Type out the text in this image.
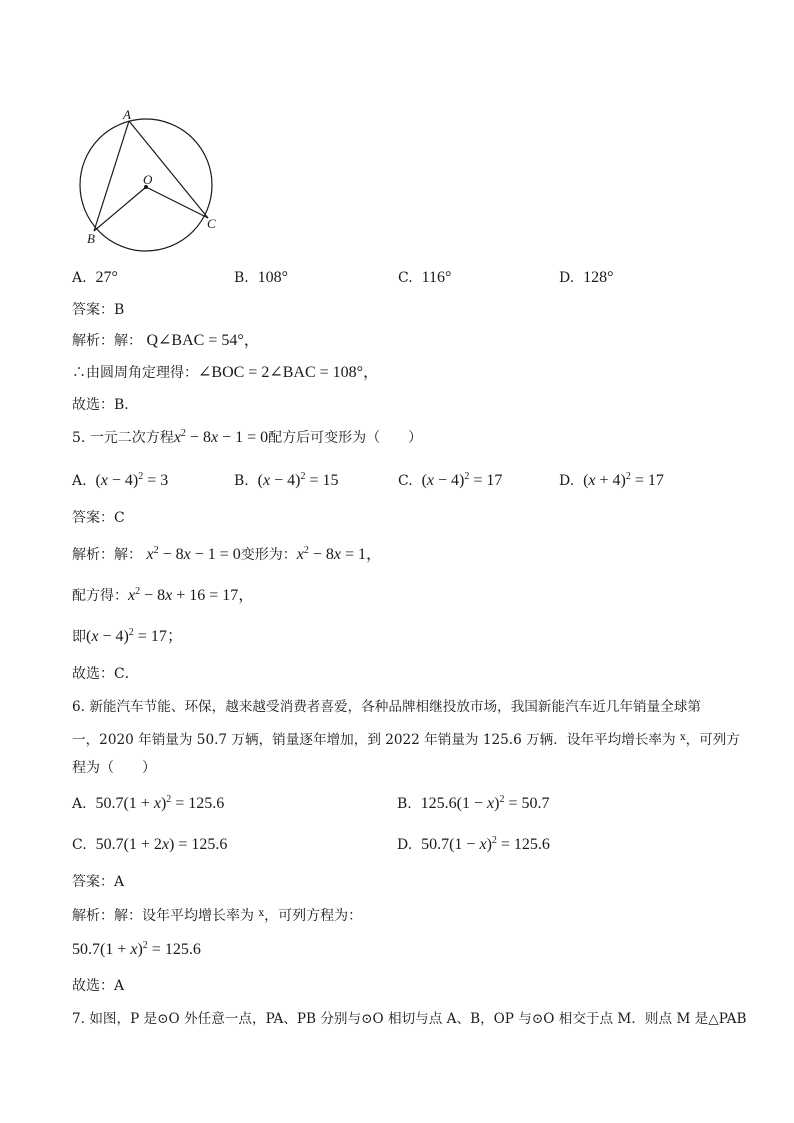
A
O
B
C
A. 27°	B. 108°	C. 116°	D. 128°
答案：B
解析：解： Q∠BAC = 54°，
∴由圆周角定理得：∠BOC = 2∠BAC = 108°，
故选：B．
5. 一元二次方程$x^2 - 8x - 1 = 0$配方后可变形为（　　）
A. $(x - 4)^2 = 3$	B. $(x - 4)^2 = 15$	C. $(x - 4)^2 = 17$	D. $(x + 4)^2 = 17$
答案：C
解析：解： $x^2 - 8x - 1 = 0$变形为：$x^2 - 8x = 1$，
配方得：$x^2 - 8x + 16 = 17$，
即$(x - 4)^2 = 17$；
故选：C．
6. 新能汽车节能、环保，越来越受消费者喜爱，各种品牌相继投放市场，我国新能汽车近几年销量全球第
一，2020 年销量为 50.7 万辆，销量逐年增加，到 2022 年销量为 125.6 万辆．设年平均增长率为 $^x$，可列方
程为（　　）
A. $50.7(1 + x)^2 = 125.6$	B. $125.6(1 - x)^2 = 50.7$
C. 50.7(1 + 2x) = 125.6	D. $50.7(1 - x)^2 = 125.6$
答案：A
解析：解：设年平均增长率为 $^x$，可列方程为：
$50.7(1 + x)^2 = 125.6$
故选：A
7. 如图，P 是⊙O 外任意一点，PA、PB 分别与⊙O 相切与点 A、B，OP 与⊙O 相交于点 M．则点 M 是△PAB
